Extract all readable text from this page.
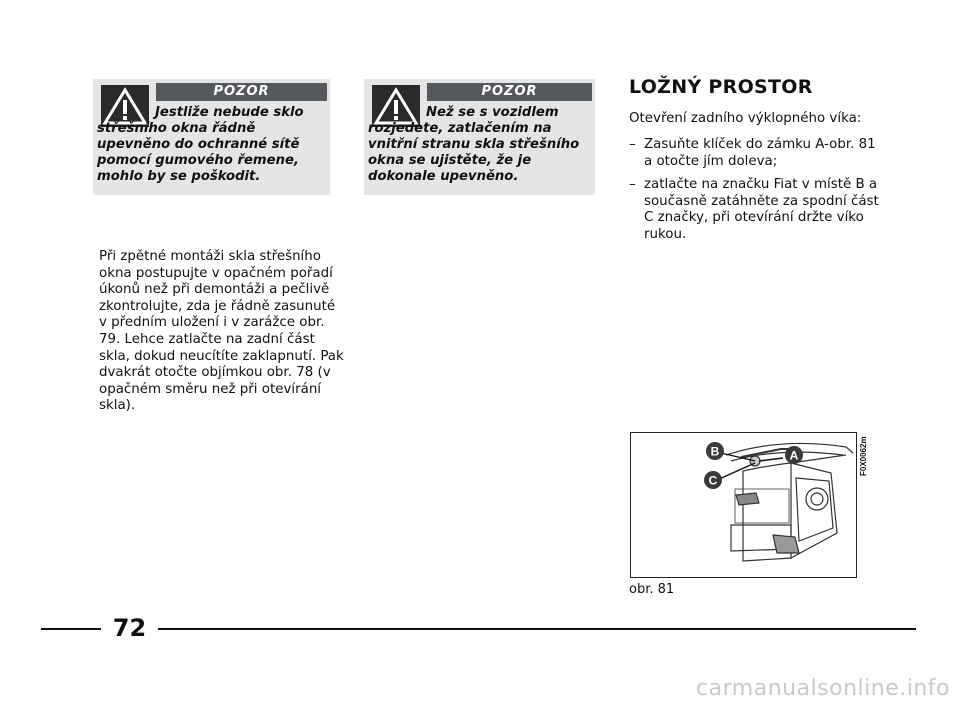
POZOR
Jestliže nebude sklo střešního okna řádně upevněno do ochranné sítě pomocí gumového řemene, mohlo by se poškodit.
POZOR
Než se s vozidlem rozjedete, zatlačením na vnitřní stranu skla střešního okna se ujistěte, že je dokonale upevněno.

Při zpětné montáži skla střešního okna postupujte v opačném pořadí úkonů než při demontáži a pečlivě zkontrolujte, zda je řádně zasunuté v předním uložení i v zarážce obr. 79. Lehce zatlačte na zadní část skla, dokud neucítíte zaklapnutí. Pak dvakrát otočte objímkou obr. 78 (v opačném směru než při otevírání skla).

LOŽNÝ PROSTOR

Otevření zadního výklopného víka:

– Zasuňte klíček do zámku A-obr. 81 a otočte jím doleva;
– zatlačte na značku Fiat v místě B a současně zatáhněte za spodní část C značky, při otevírání držte víko rukou.
B	A
C
F0X0062m
obr. 81
72
carmanualsonline.info
